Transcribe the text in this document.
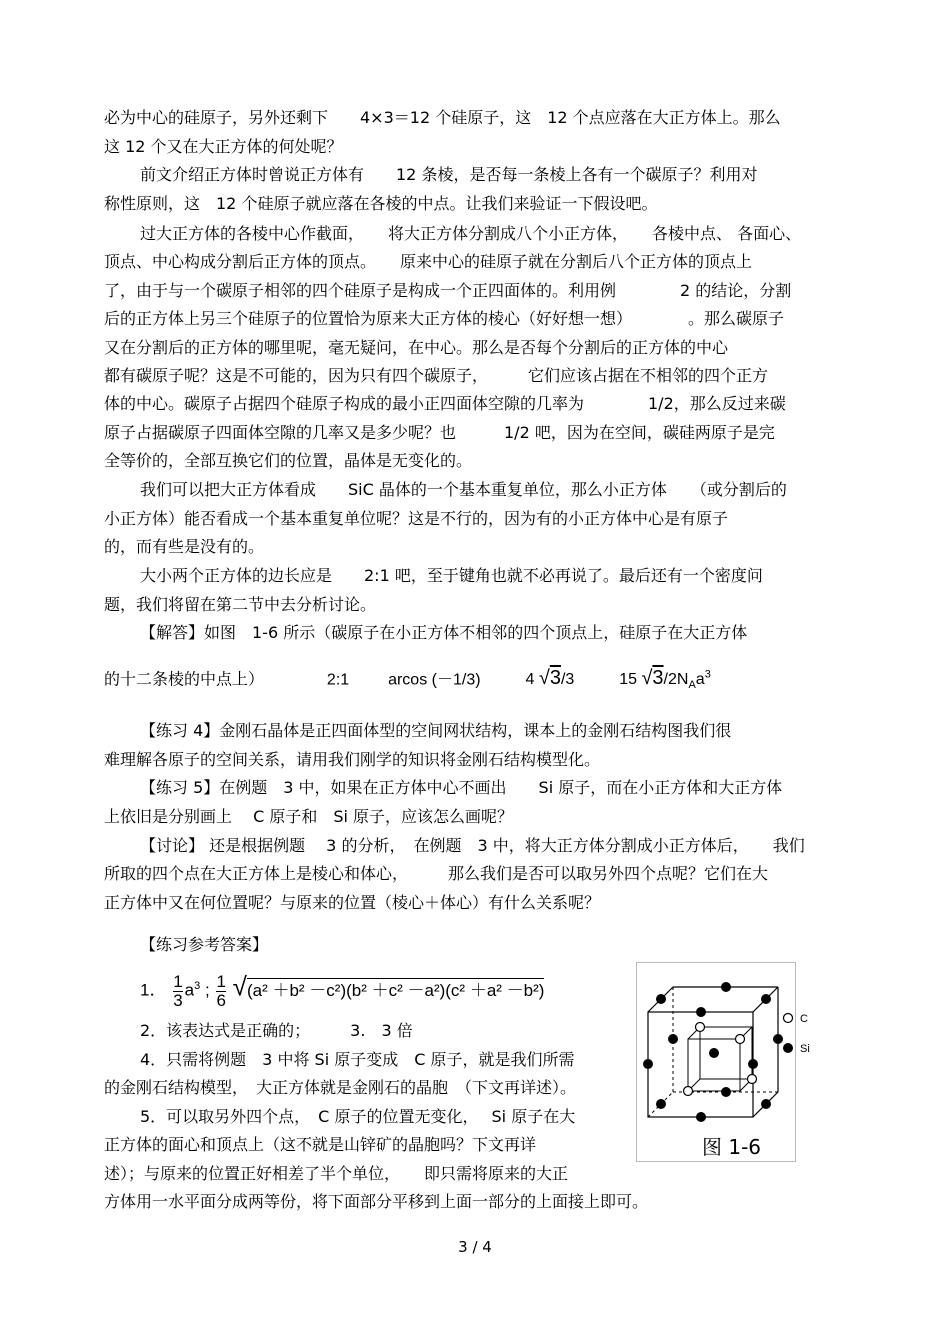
必为中心的硅原子，另外还剩下　　4×3＝12 个硅原子，这　12 个点应落在大正方体上。那么
这 12 个又在大正方体的何处呢？
前文介绍正方体时曾说正方体有　　12 条棱，是否每一条棱上各有一个碳原子？利用对
称性原则，这　12 个硅原子就应落在各棱的中点。让我们来验证一下假设吧。
过大正方体的各棱中心作截面，　　将大正方体分割成八个小正方体，　　各棱中点、 各面心、
顶点、中心构成分割后正方体的顶点。　　原来中心的硅原子就在分割后八个正方体的顶点上
了，由于与一个碳原子相邻的四个硅原子是构成一个正四面体的。利用例　　　　2 的结论，分割
后的正方体上另三个硅原子的位置恰为原来大正方体的棱心（好好想一想）　　　　。那么碳原子
又在分割后的正方体的哪里呢，毫无疑问，在中心。那么是否每个分割后的正方体的中心
都有碳原子呢？这是不可能的，因为只有四个碳原子，　　　它们应该占据在不相邻的四个正方
体的中心。碳原子占据四个硅原子构成的最小正四面体空隙的几率为　　　　1/2，那么反过来碳
原子占据碳原子四面体空隙的几率又是多少呢？也　　　1/2 吧，因为在空间，碳硅两原子是完
全等价的，全部互换它们的位置，晶体是无变化的。
我们可以把大正方体看成　　SiC 晶体的一个基本重复单位，那么小正方体　　（或分割后的
小正方体）能否看成一个基本重复单位呢？这是不行的，因为有的小正方体中心是有原子
的，而有些是没有的。
大小两个正方体的边长应是　　2:1 吧，至于键角也就不必再说了。最后还有一个密度问
题，我们将留在第二节中去分析讨论。
【解答】如图　1-6 所示（碳原子在小正方体不相邻的四个顶点上，硅原子在大正方体
的十二条棱的中点上）	2:1 arcos (－1/3)	4 √3/3	15 $√3/2N_Aa^3$
【练习 4】金刚石晶体是正四面体型的空间网状结构，课本上的金刚石结构图我们很
难理解各原子的空间关系，请用我们刚学的知识将金刚石结构模型化。
【练习 5】在例题　3 中，如果在正方体中心不画出　　Si 原子，而在小正方体和大正方体
上依旧是分别画上　 C 原子和　Si 原子，应该怎么画呢？
【讨论】 还是根据例题　 3 的分析，　在例题　3 中，将大正方体分割成小正方体后，　　我们
所取的四个点在大正方体上是棱心和体心，　　　那么我们是否可以取另外四个点呢？它们在大
正方体中又在何位置呢？与原来的位置（棱心＋体心）有什么关系呢？
【练习参考答案】
1． $\frac{1}{3} a^3$ ; $\frac{1}{6} √(a^2 +b^2 -c^2)(b^2 +c^2 -a^2)(c^2 +a^2 -b^2)$
2．该表达式是正确的；　　　3.　3 倍
4．只需将例题　3 中将 Si 原子变成　C 原子，就是我们所需
的金刚石结构模型，　大正方体就是金刚石的晶胞　（下文再详述）。
5．可以取另外四个点，　C 原子的位置无变化，　 Si 原子在大
正方体的面心和顶点上（这不就是山锌矿的晶胞吗？下文再详
述）；与原来的位置正好相差了半个单位，　　即只需将原来的大正
方体用一水平面分成两等份，将下面部分平移到上面一部分的上面接上即可。
C
Si
图 1-6
3 / 4
